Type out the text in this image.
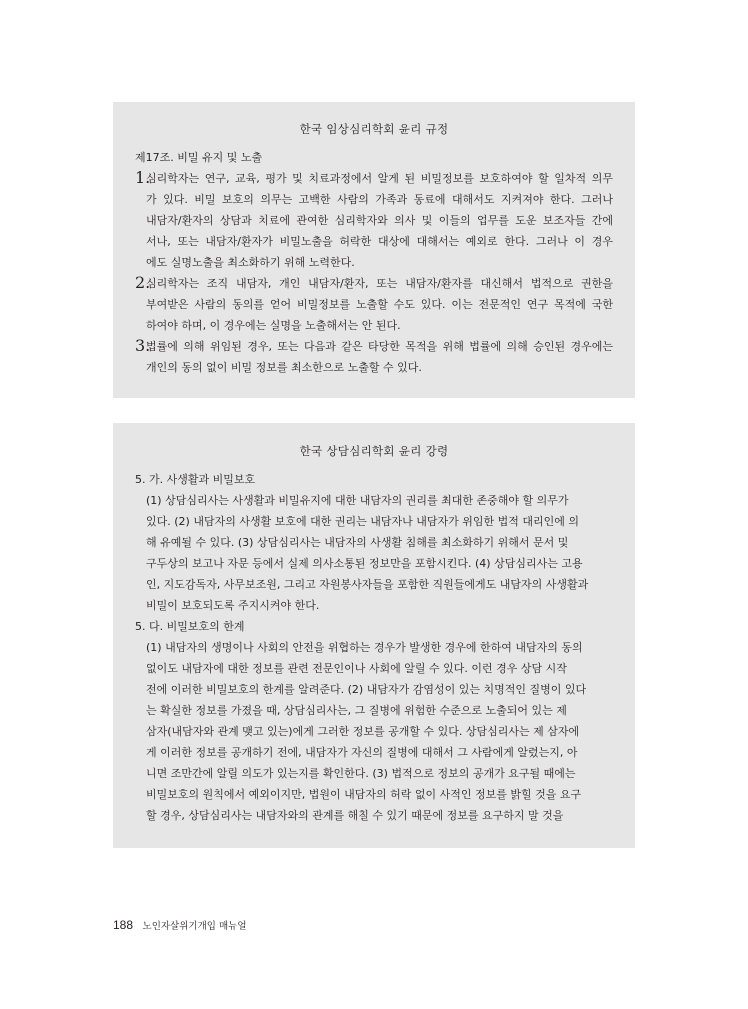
한국 임상심리학회 윤리 규정

제17조. 비밀 유지 및 노출

1.
심리학자는 연구, 교육, 평가 및 치료과정에서 알게 된 비밀정보를 보호하여야 할 일차적 의무
가 있다. 비밀 보호의 의무는 고백한 사람의 가족과 동료에 대해서도 지켜져야 한다. 그러나
내담자/환자의 상담과 치료에 관여한 심리학자와 의사 및 이들의 업무를 도운 보조자들 간에
서나, 또는 내담자/환자가 비밀노출을 허락한 대상에 대해서는 예외로 한다. 그러나 이 경우
에도 실명노출을 최소화하기 위해 노력한다.
2.
심리학자는 조직 내담자, 개인 내담자/환자, 또는 내담자/환자를 대신해서 법적으로 권한을
부여받은 사람의 동의를 얻어 비밀정보를 노출할 수도 있다. 이는 전문적인 연구 목적에 국한
하여야 하며, 이 경우에는 실명을 노출해서는 안 된다.
3.
법률에 의해 위임된 경우, 또는 다음과 같은 타당한 목적을 위해 법률에 의해 승인된 경우에는
개인의 동의 없이 비밀 정보를 최소한으로 노출할 수 있다.

한국 상담심리학회 윤리 강령

5. 가. 사생활과 비밀보호

(1) 상담심리사는 사생활과 비밀유지에 대한 내담자의 권리를 최대한 존중해야 할 의무가
있다. (2) 내담자의 사생활 보호에 대한 권리는 내담자나 내담자가 위임한 법적 대리인에 의
해 유예될 수 있다. (3) 상담심리사는 내담자의 사생활 침해를 최소화하기 위해서 문서 및
구두상의 보고나 자문 등에서 실제 의사소통된 정보만을 포함시킨다. (4) 상담심리사는 고용
인, 지도감독자, 사무보조원, 그리고 자원봉사자들을 포함한 직원들에게도 내담자의 사생활과
비밀이 보호되도록 주지시켜야 한다.

5. 다. 비밀보호의 한계

(1) 내담자의 생명이나 사회의 안전을 위협하는 경우가 발생한 경우에 한하여 내담자의 동의
없이도 내담자에 대한 정보를 관련 전문인이나 사회에 알릴 수 있다. 이런 경우 상담 시작
전에 이러한 비밀보호의 한계를 알려준다. (2) 내담자가 감염성이 있는 치명적인 질병이 있다
는 확실한 정보를 가졌을 때, 상담심리사는, 그 질병에 위험한 수준으로 노출되어 있는 제
삼자(내담자와 관계 맺고 있는)에게 그러한 정보를 공개할 수 있다. 상담심리사는 제 삼자에
게 이러한 정보를 공개하기 전에, 내담자가 자신의 질병에 대해서 그 사람에게 알렸는지, 아
니면 조만간에 알릴 의도가 있는지를 확인한다. (3) 법적으로 정보의 공개가 요구될 때에는
비밀보호의 원칙에서 예외이지만, 법원이 내담자의 허락 없이 사적인 정보를 밝힐 것을 요구
할 경우, 상담심리사는 내담자와의 관계를 해칠 수 있기 때문에 정보를 요구하지 말 것을
188 노인자살위기개입 매뉴얼
